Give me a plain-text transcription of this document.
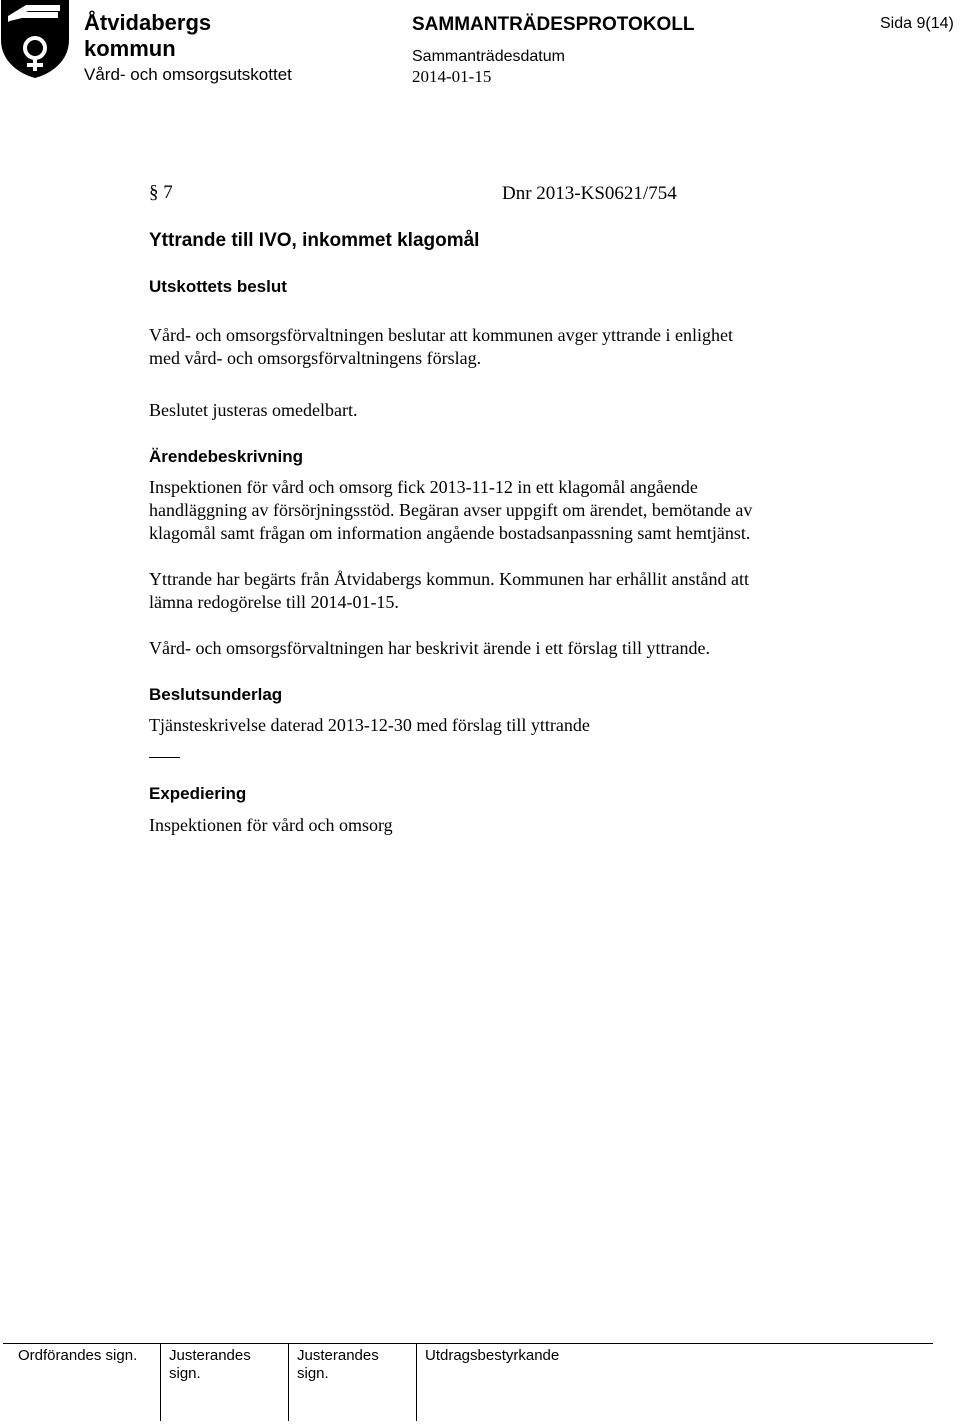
Åtvidabergs kommun
Vård- och omsorgsutskottet
SAMMANTRÄDESPROTOKOLL
Sammanträdesdatum
2014-01-15
Sida 9(14)
§ 7	Dnr 2013-KS0621/754
Yttrande till IVO, inkommet klagomål
Utskottets beslut
Vård- och omsorgsförvaltningen beslutar att kommunen avger yttrande i enlighet
med vård- och omsorgsförvaltningens förslag.
Beslutet justeras omedelbart.
Ärendebeskrivning
Inspektionen för vård och omsorg fick 2013-11-12 in ett klagomål angående
handläggning av försörjningsstöd. Begäran avser uppgift om ärendet, bemötande av
klagomål samt frågan om information angående bostadsanpassning samt hemtjänst.
Yttrande har begärts från Åtvidabergs kommun. Kommunen har erhållit anstånd att
lämna redogörelse till 2014-01-15.
Vård- och omsorgsförvaltningen har beskrivit ärende i ett förslag till yttrande.
Beslutsunderlag
Tjänsteskrivelse daterad 2013-12-30 med förslag till yttrande
Expediering
Inspektionen för vård och omsorg
Ordförandes sign. Justerandes
sign.
Justerandes
sign.
Utdragsbestyrkande
